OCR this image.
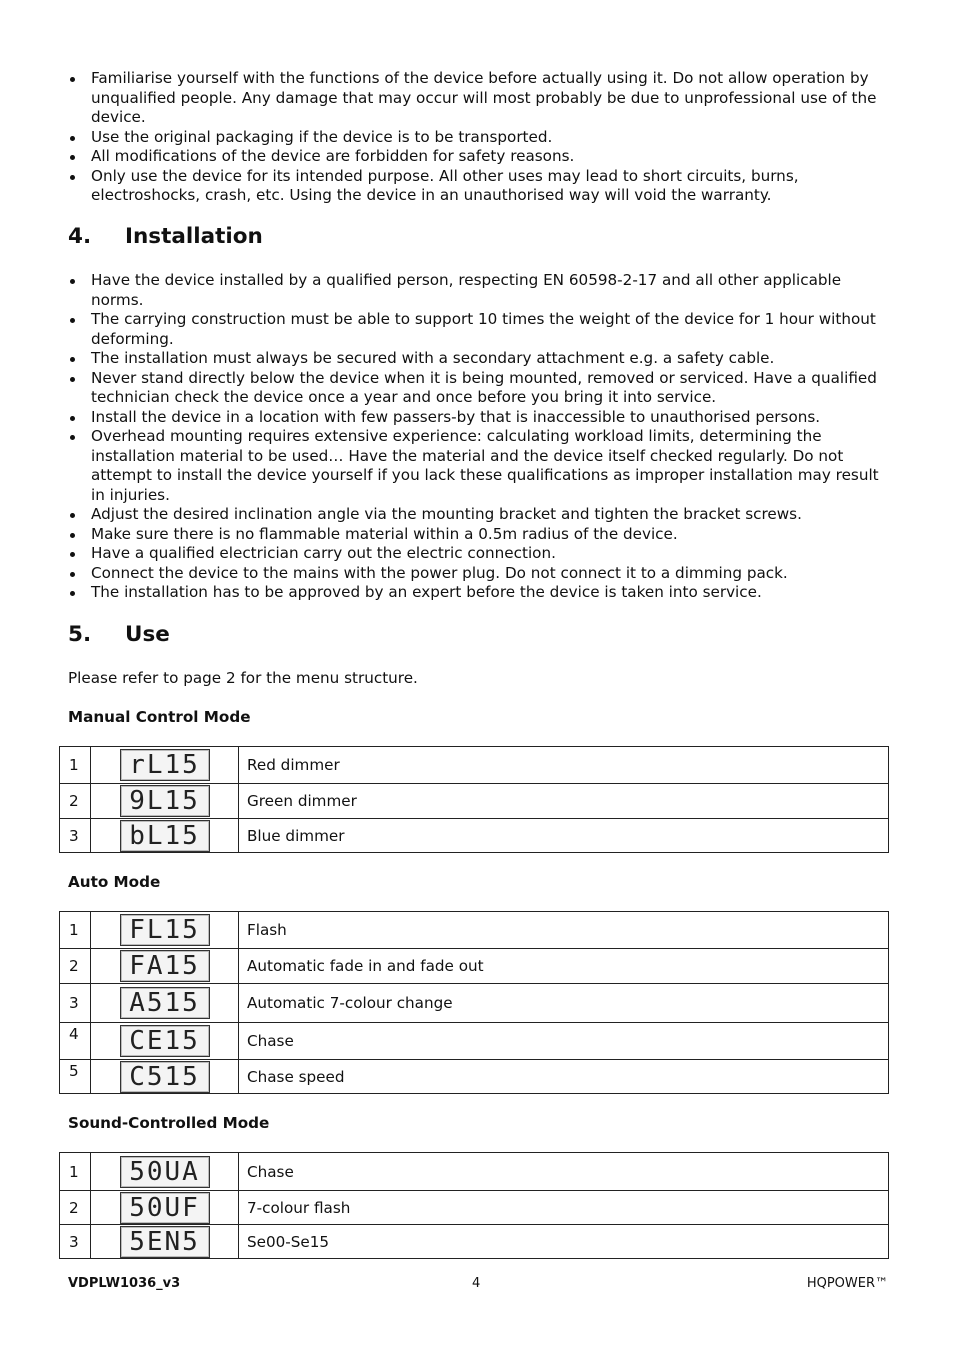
Familiarise yourself with the functions of the device before actually using it. Do not allow operation by unqualified people. Any damage that may occur will most probably be due to unprofessional use of the device.
Use the original packaging if the device is to be transported.
All modifications of the device are forbidden for safety reasons.
Only use the device for its intended purpose. All other uses may lead to short circuits, burns, electroshocks, crash, etc. Using the device in an unauthorised way will void the warranty.
4. Installation
Have the device installed by a qualified person, respecting EN 60598-2-17 and all other applicable norms.
The carrying construction must be able to support 10 times the weight of the device for 1 hour without deforming.
The installation must always be secured with a secondary attachment e.g. a safety cable.
Never stand directly below the device when it is being mounted, removed or serviced. Have a qualified technician check the device once a year and once before you bring it into service.
Install the device in a location with few passers-by that is inaccessible to unauthorised persons.
Overhead mounting requires extensive experience: calculating workload limits, determining the installation material to be used… Have the material and the device itself checked regularly. Do not attempt to install the device yourself if you lack these qualifications as improper installation may result in injuries.
Adjust the desired inclination angle via the mounting bracket and tighten the bracket screws.
Make sure there is no flammable material within a 0.5m radius of the device.
Have a qualified electrician carry out the electric connection.
Connect the device to the mains with the power plug. Do not connect it to a dimming pack.
The installation has to be approved by an expert before the device is taken into service.
5. Use

Please refer to page 2 for the menu structure.

Manual Control Mode

1	rL15	Red dimmer
2	9L15	Green dimmer
3	bL15	Blue dimmer

Auto Mode

1	FL15	Flash
2	FA15	Automatic fade in and fade out
3	A515	Automatic 7-colour change
4	CE15	Chase
5	C515	Chase speed

Sound-Controlled Mode

1	50UA	Chase
2	50UF	7-colour flash
3	5EN5	Se00-Se15
VDPLW1036_v3	4	HQPOWER™
